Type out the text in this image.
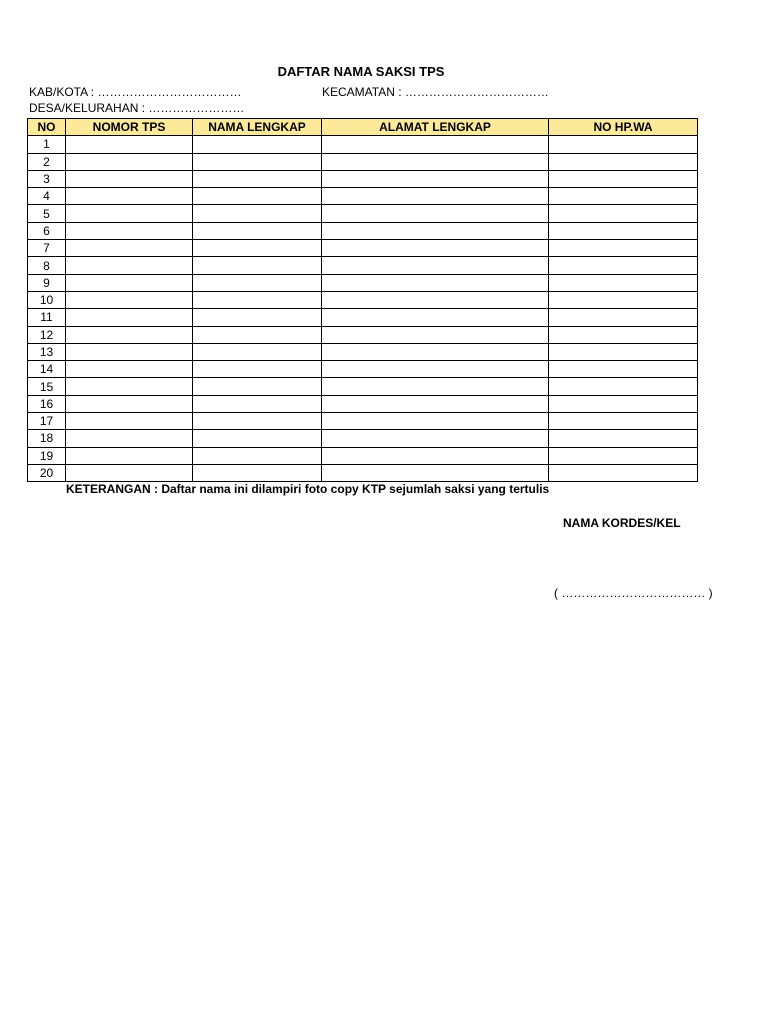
DAFTAR NAMA SAKSI TPS
KAB/KOTA : ………………………………	KECAMATAN : ………………………………
DESA/KELURAHAN : ……………………
NO	NOMOR TPS	NAMA LENGKAP	ALAMAT LENGKAP	NO HP.WA
1				
2				
3				
4				
5				
6				
7				
8				
9				
10				
11				
12				
13				
14				
15				
16				
17				
18				
19				
20				
KETERANGAN : Daftar nama ini dilampiri foto copy KTP sejumlah saksi yang tertulis
NAMA KORDES/KEL
( ……………………………… )
